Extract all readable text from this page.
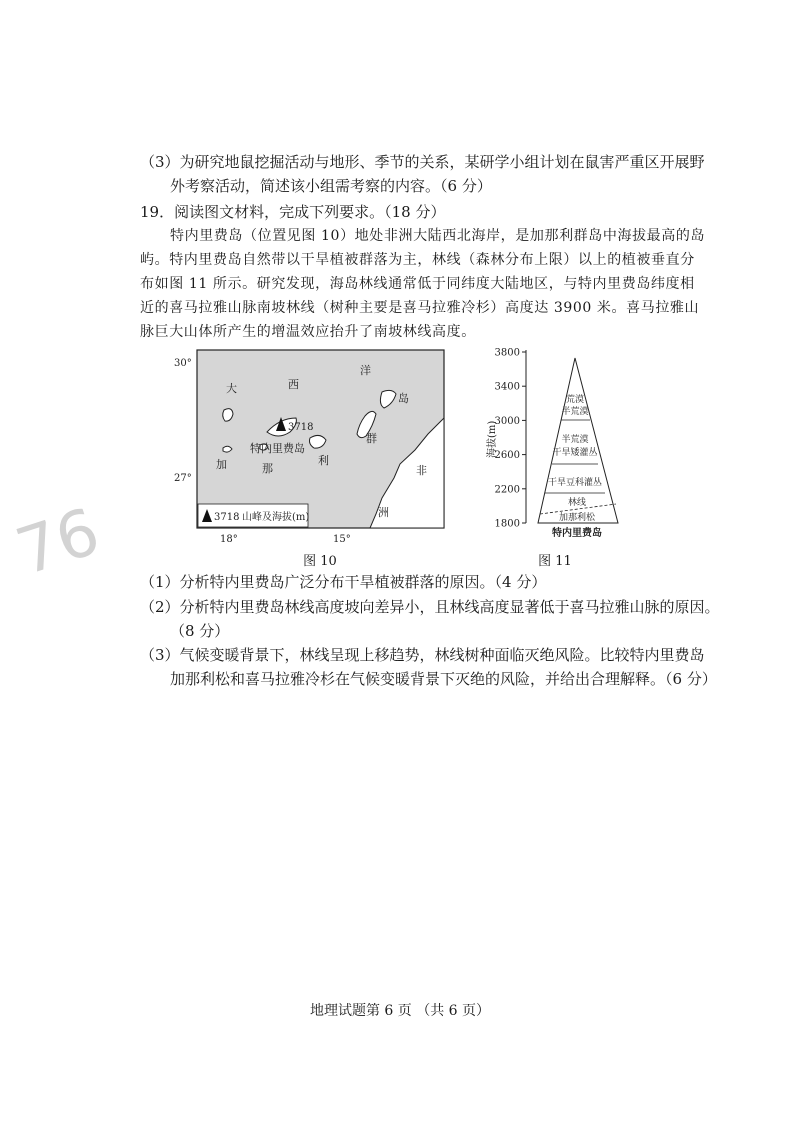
76
（3）为研究地鼠挖掘活动与地形、季节的关系，某研学小组计划在鼠害严重区开展野
外考察活动，简述该小组需考察的内容。（6 分）
19．阅读图文材料，完成下列要求。（18 分）
特内里费岛（位置见图 10）地处非洲大陆西北海岸，是加那利群岛中海拔最高的岛
屿。特内里费岛自然带以干旱植被群落为主，林线（森林分布上限）以上的植被垂直分
布如图 11 所示。研究发现，海岛林线通常低于同纬度大陆地区，与特内里费岛纬度相
近的喜马拉雅山脉南坡林线（树种主要是喜马拉雅冷杉）高度达 3900 米。喜马拉雅山
脉巨大山体所产生的增温效应抬升了南坡林线高度。
3718
特内里费岛
大	西
洋
岛
群
加	那
利
非
洲
30°
27°
18°	15°
3718 山峰及海拔(m)
图 10
3800
3400
3000
2600
2200
1800
海拔(m)
荒漠
半荒漠
半荒漠
干旱矮灌丛
干旱豆科灌丛
林线
加那利松
特内里费岛
图 11
（1）分析特内里费岛广泛分布干旱植被群落的原因。（4 分）
（2）分析特内里费岛林线高度坡向差异小，且林线高度显著低于喜马拉雅山脉的原因。
（8 分）
（3）气候变暖背景下，林线呈现上移趋势，林线树种面临灭绝风险。比较特内里费岛
加那利松和喜马拉雅冷杉在气候变暖背景下灭绝的风险，并给出合理解释。（6 分）
地理试题第 6 页 （共 6 页）
